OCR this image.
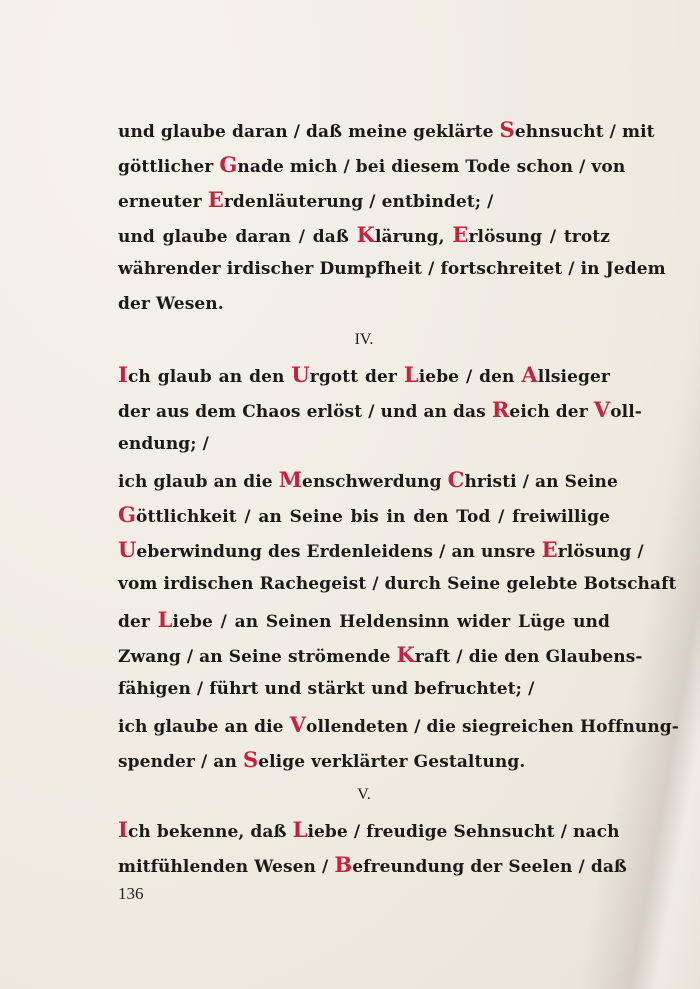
und glaube daran / daß meine geklärte Sehnsucht / mit
göttlicher Gnade mich / bei diesem Tode schon / von
erneuter Erdenläuterung / entbindet; /
und glaube daran / daß Klärung, Erlösung / trotz
währender irdischer Dumpfheit / fortschreitet / in Jedem
der Wesen.
IV.
Ich glaub an den Urgott der Liebe / den Allsieger
der aus dem Chaos erlöst / und an das Reich der Voll-
endung; /
ich glaub an die Menschwerdung Christi / an Seine
Göttlichkeit / an Seine bis in den Tod / freiwillige
Ueberwindung des Erdenleidens / an unsre Erlösung /
vom irdischen Rachegeist / durch Seine gelebte Botschaft
der Liebe / an Seinen Heldensinn wider Lüge und
Zwang / an Seine strömende Kraft / die den Glaubens-
fähigen / führt und stärkt und befruchtet; /
ich glaube an die Vollendeten / die siegreichen Hoffnung-
spender / an Selige verklärter Gestaltung.
V.
Ich bekenne, daß Liebe / freudige Sehnsucht / nach
mitfühlenden Wesen / Befreundung der Seelen / daß
136
